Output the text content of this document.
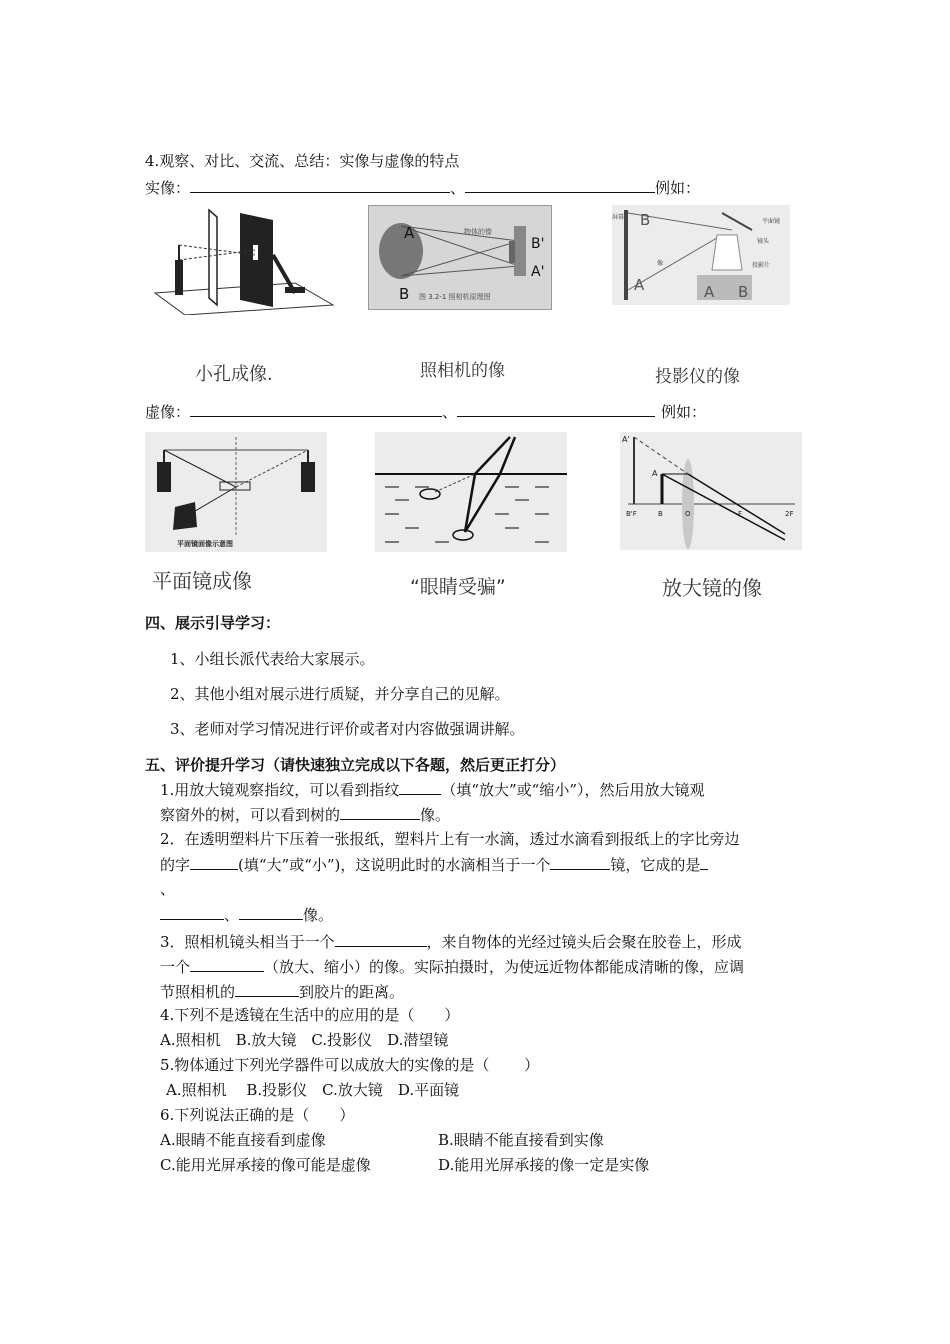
4.观察、对比、交流、总结：实像与虚像的特点
实像：	、	例如：
小孔成像.
A
B
B'
A'
物体的像
图 3.2-1 照相机原理图
照相机的像
屏幕 B
A	A B
平面镜
镜头
投影片
像
投影仪的像
虚像：	、	例如：
平面镜面像示意图
平面镜成像	“眼睛受骗”
A'
A
B'F	B	O	F	2F
放大镜的像
四、展示引导学习：
1、小组长派代表给大家展示。
2、其他小组对展示进行质疑，并分享自己的见解。
3、老师对学习情况进行评价或者对内容做强调讲解。
五、评价提升学习（请快速独立完成以下各题，然后更正打分）
1.用放大镜观察指纹，可以看到指纹	（填“放大”或“缩小”），然后用放大镜观
察窗外的树，可以看到树的	像。
2．在透明塑料片下压着一张报纸，塑料片上有一水滴，透过水滴看到报纸上的字比旁边
的字	(填“大”或“小”)，这说明此时的水滴相当于一个	镜，它成的是
、
、	像。
3．照相机镜头相当于一个	，来自物体的光经过镜头后会聚在胶卷上，形成
一个	（放大、缩小）的像。实际拍摄时，为使远近物体都能成清晰的像，应调
节照相机的	到胶片的距离。
4.下列不是透镜在生活中的应用的是（　　）
A.照相机　B.放大镜　C.投影仪　D.潜望镜
5.物体通过下列光学器件可以成放大的实像的是（　　 ）
A.照相机　 B.投影仪　C.放大镜　D.平面镜
6.下列说法正确的是（　　）
A.眼睛不能直接看到虚像	B.眼睛不能直接看到实像
C.能用光屏承接的像可能是虚像	D.能用光屏承接的像一定是实像
